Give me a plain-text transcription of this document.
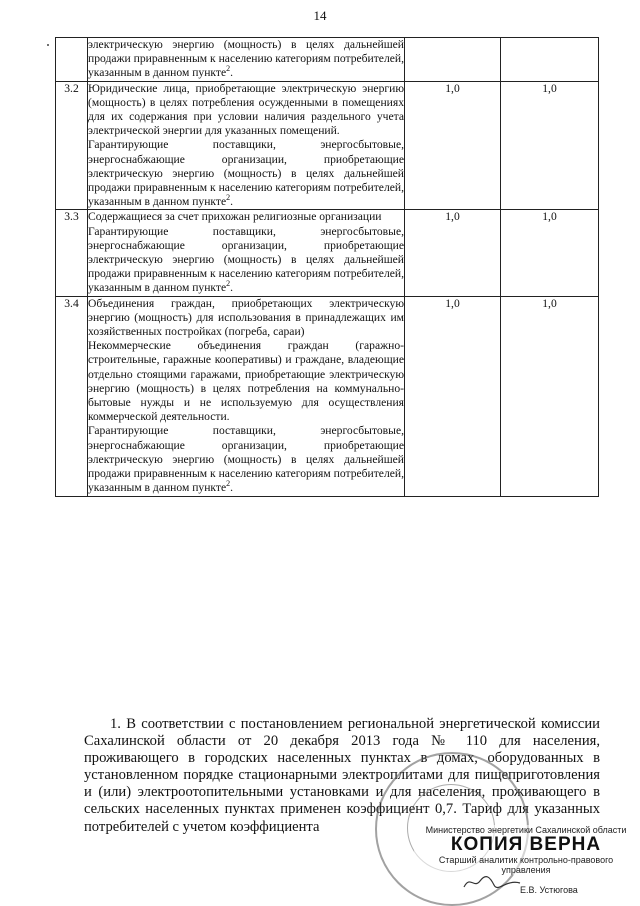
14

	электрическую энергию (мощность) в целях дальнейшей продажи приравненным к населению категориям потребителей, указанным в данном пункте$^2$.		

3.2	Юридические лица, приобретающие электрическую энергию (мощность) в целях потребления осужденными в помещениях для их содержания при условии наличия раздельного учета электрической энергии для указанных помещений.

Гарантирующие поставщики, энергосбытовые, энергоснабжающие организации, приобретающие электрическую энергию (мощность) в целях дальнейшей продажи приравненным к населению категориям потребителей, указанным в данном пункте$^2$.	1,0	1,0
3.3	Содержащиеся за счет прихожан религиозные организации

Гарантирующие поставщики, энергосбытовые, энергоснабжающие организации, приобретающие электрическую энергию (мощность) в целях дальнейшей продажи приравненным к населению категориям потребителей, указанным в данном пункте$^2$.	1,0	1,0
3.4	Объединения граждан, приобретающих электрическую энергию (мощность) для использования в принадлежащих им хозяйственных постройках (погреба, сараи)

Некоммерческие объединения граждан (гаражно-строительные, гаражные кооперативы) и граждане, владеющие отдельно стоящими гаражами, приобретающие электрическую энергию (мощность) в целях потребления на коммунально-бытовые нужды и не используемую для осуществления коммерческой деятельности.

Гарантирующие поставщики, энергосбытовые, энергоснабжающие организации, приобретающие электрическую энергию (мощность) в целях дальнейшей продажи приравненным к населению категориям потребителей, указанным в данном пункте$^2$.	1,0	1,0

1. В соответствии с постановлением региональной энергетической комиссии Сахалинской области от 20 декабря 2013 года № 110 для населения, проживающего в городских населенных пунктах в домах, оборудованных в установленном порядке стационарными электроплитами для пищеприготовления и (или) электроотопительными установками и для населения, проживающего в сельских населенных пунктах применен коэффициент 0,7. Тариф для указанных потребителей с учетом коэффициента	Министерство энергетики Сахалинской области
КОПИЯ ВЕРНА
Старший аналитик контрольно-правового управления
Е.В. Устюгова
